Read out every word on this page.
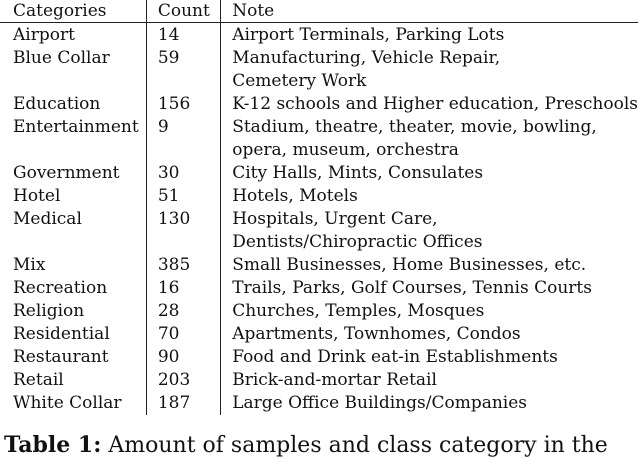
Categories	Count	Note
Airport	14	Airport Terminals, Parking Lots

Blue Collar	59	Manufacturing, Vehicle Repair,
Cemetery Work

Education	156	K-12 schools and Higher education, Preschools

Entertainment	9	Stadium, theatre, theater, movie, bowling,
opera, museum, orchestra

Government	30	City Halls, Mints, Consulates

Hotel	51	Hotels, Motels

Medical	130	Hospitals, Urgent Care,
Dentists/Chiropractic Offices

Mix	385	Small Businesses, Home Businesses, etc.

Recreation	16	Trails, Parks, Golf Courses, Tennis Courts

Religion	28	Churches, Temples, Mosques

Residential	70	Apartments, Townhomes, Condos

Restaurant	90	Food and Drink eat-in Establishments

Retail	203	Brick-and-mortar Retail

White Collar	187	Large Office Buildings/Companies
Table 1: Amount of samples and class category in the
